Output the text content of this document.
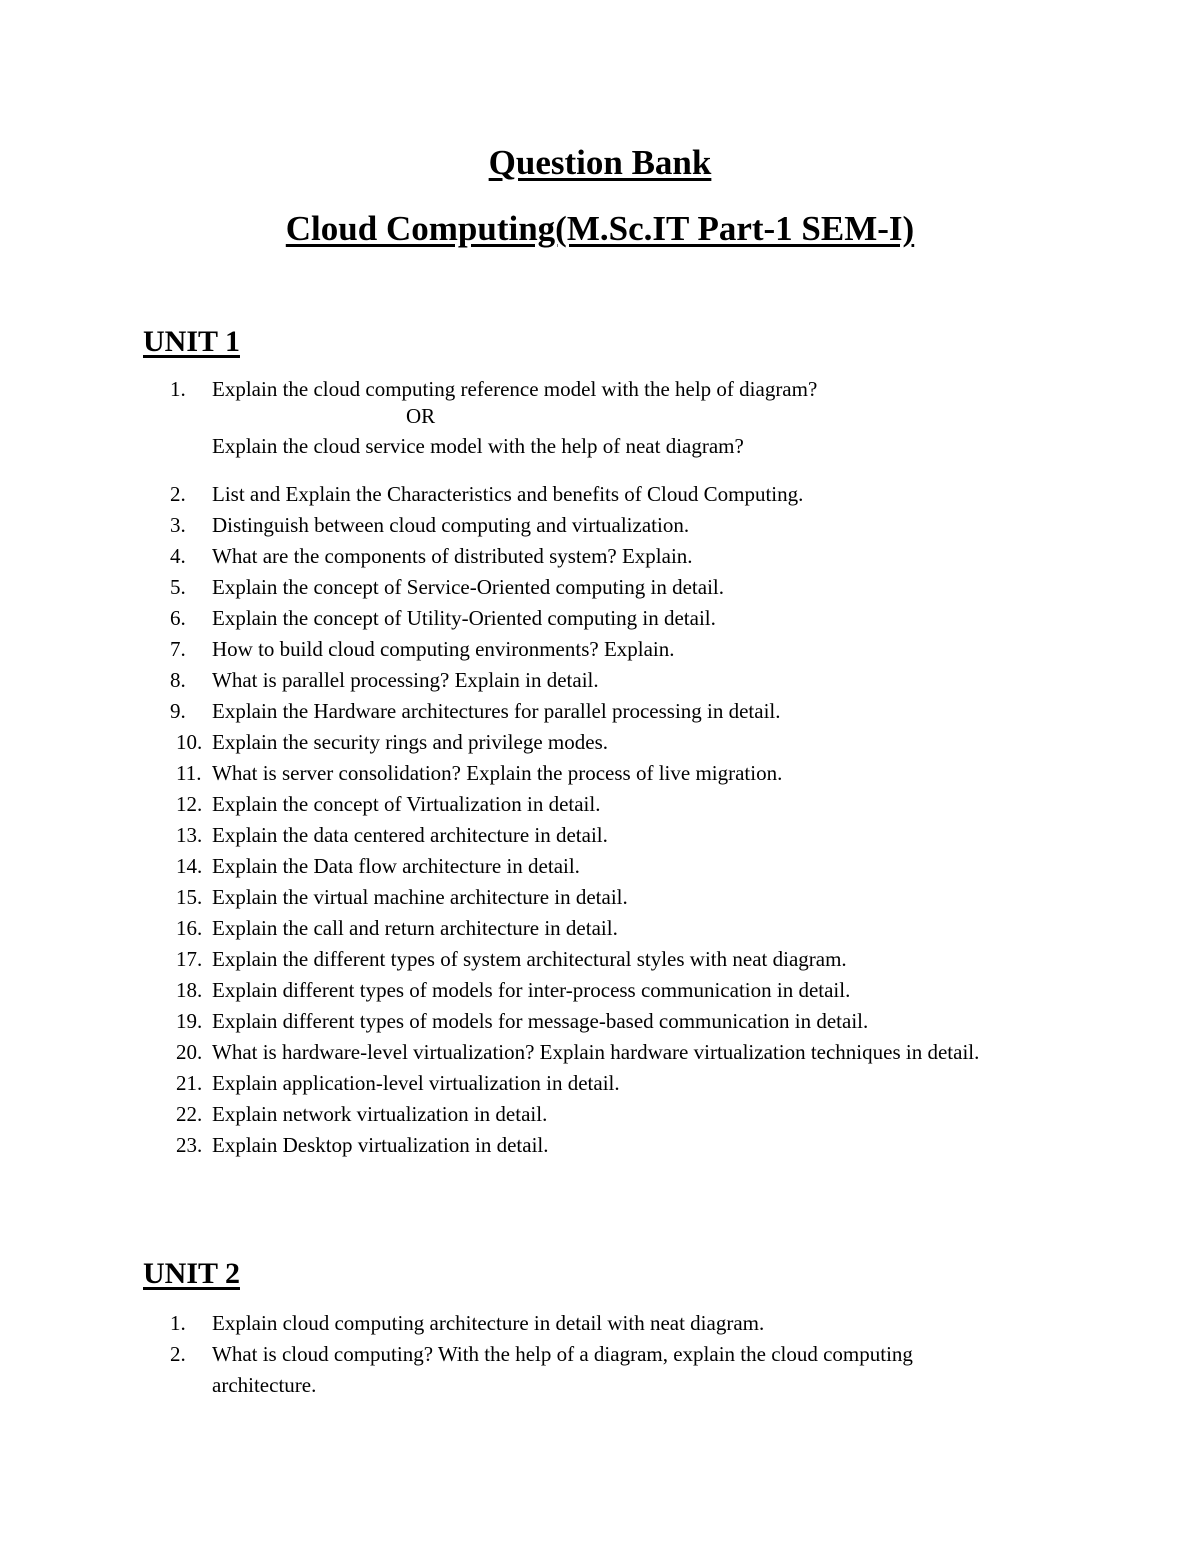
Question Bank
Cloud Computing(M.Sc.IT Part-1 SEM-I)
UNIT 1
1.	Explain the cloud computing reference model with the help of diagram?
OR
Explain the cloud service model with the help of neat diagram?
2.	List and Explain the Characteristics and benefits of Cloud Computing.
3.	Distinguish between cloud computing and virtualization.
4.	What are the components of distributed system? Explain.
5.	Explain the concept of Service-Oriented computing in detail.
6.	Explain the concept of Utility-Oriented computing in detail.
7.	How to build cloud computing environments? Explain.
8.	What is parallel processing? Explain in detail.
9.	Explain the Hardware architectures for parallel processing in detail.
10. Explain the security rings and privilege modes.
11. What is server consolidation? Explain the process of live migration.
12. Explain the concept of Virtualization in detail.
13. Explain the data centered architecture in detail.
14. Explain the Data flow architecture in detail.
15. Explain the virtual machine architecture in detail.
16. Explain the call and return architecture in detail.
17. Explain the different types of system architectural styles with neat diagram.
18. Explain different types of models for inter-process communication in detail.
19. Explain different types of models for message-based communication in detail.
20. What is hardware-level virtualization? Explain hardware virtualization techniques in detail.
21. Explain application-level virtualization in detail.
22. Explain network virtualization in detail.
23. Explain Desktop virtualization in detail.
UNIT 2
1.	Explain cloud computing architecture in detail with neat diagram.
2.	What is cloud computing? With the help of a diagram, explain the cloud computing architecture.
